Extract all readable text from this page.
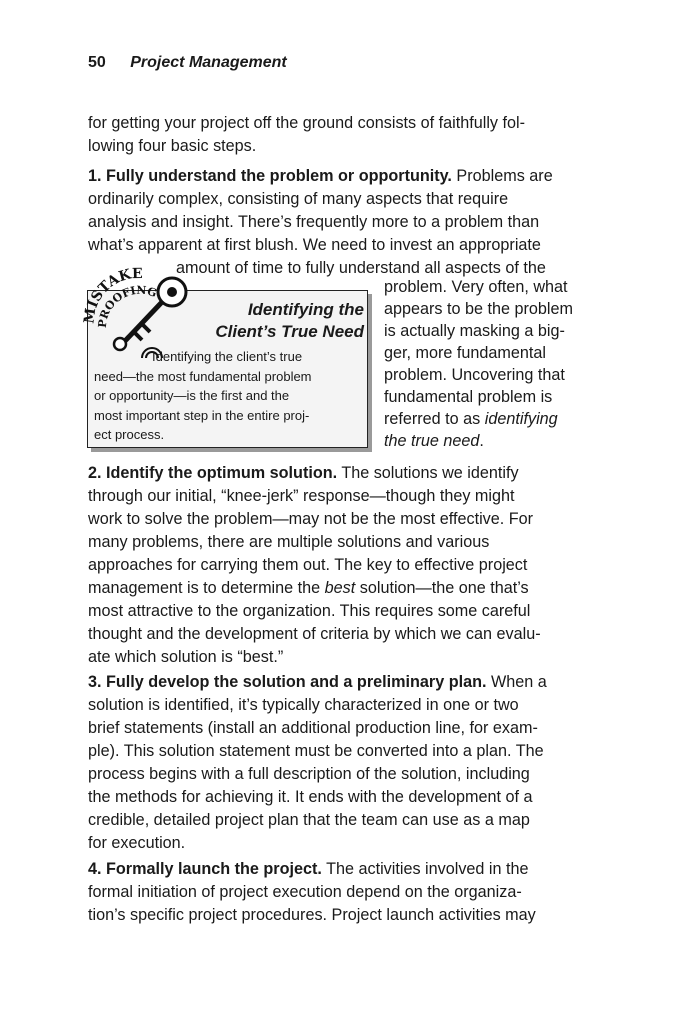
50 Project Management
for getting your project off the ground consists of faithfully fol-
lowing four basic steps.
1. Fully understand the problem or opportunity. Problems are
ordinarily complex, consisting of many aspects that require
analysis and insight. There’s frequently more to a problem than
what’s apparent at first blush. We need to invest an appropriate
amount of time to fully understand all aspects of the
problem. Very often, what
appears to be the problem
is actually masking a big-
ger, more fundamental
problem. Uncovering that
fundamental problem is
referred to as identifying
the true need.
Identifying the
Client’s True Need
Identifying the client’s true
need—the most fundamental problem
or opportunity—is the first and the
most important step in the entire proj-
ect process.
MISTAKE
PROOFING
2. Identify the optimum solution. The solutions we identify
through our initial, “knee-jerk” response—though they might
work to solve the problem—may not be the most effective. For
many problems, there are multiple solutions and various
approaches for carrying them out. The key to effective project
management is to determine the best solution—the one that’s
most attractive to the organization. This requires some careful
thought and the development of criteria by which we can evalu-
ate which solution is “best.”
3. Fully develop the solution and a preliminary plan. When a
solution is identified, it’s typically characterized in one or two
brief statements (install an additional production line, for exam-
ple). This solution statement must be converted into a plan. The
process begins with a full description of the solution, including
the methods for achieving it. It ends with the development of a
credible, detailed project plan that the team can use as a map
for execution.
4. Formally launch the project. The activities involved in the
formal initiation of project execution depend on the organiza-
tion’s specific project procedures. Project launch activities may
